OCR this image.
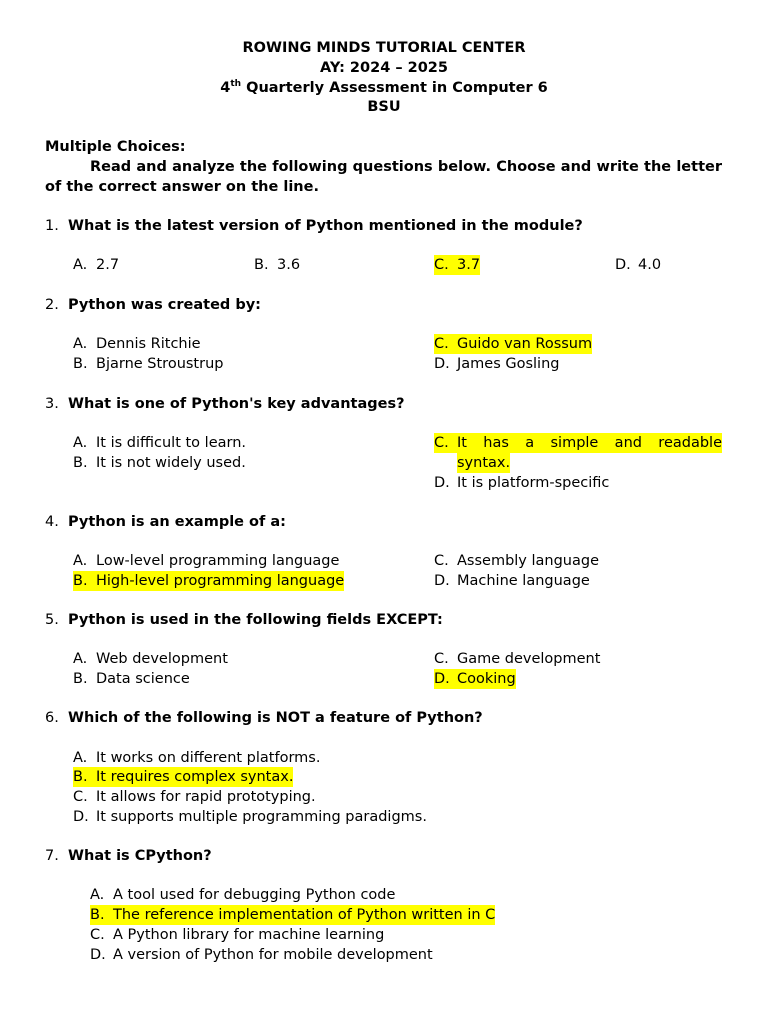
ROWING MINDS TUTORIAL CENTER
AY: 2024 – 2025
4th Quarterly Assessment in Computer 6
BSU
Multiple Choices:
Read and analyze the following questions below. Choose and write the letter of the correct answer on the line.
1. What is the latest version of Python mentioned in the module?
A. 2.7	B. 3.6	C. 3.7	D. 4.0
2. Python was created by:
A. Dennis Ritchie
B. Bjarne Stroustrup
C. Guido van Rossum
D. James Gosling
3. What is one of Python's key advantages?
A. It is difficult to learn.
B. It is not widely used.
C. It has a simple and readable
syntax.
D. It is platform-specific
4. Python is an example of a:
A. Low-level programming language
B. High-level programming language
C. Assembly language
D. Machine language
5. Python is used in the following fields EXCEPT:
A. Web development
B. Data science
C. Game development
D. Cooking
6. Which of the following is NOT a feature of Python?
A. It works on different platforms.
B. It requires complex syntax.
C. It allows for rapid prototyping.
D. It supports multiple programming paradigms.
7. What is CPython?
A. A tool used for debugging Python code
B. The reference implementation of Python written in C
C. A Python library for machine learning
D. A version of Python for mobile development
